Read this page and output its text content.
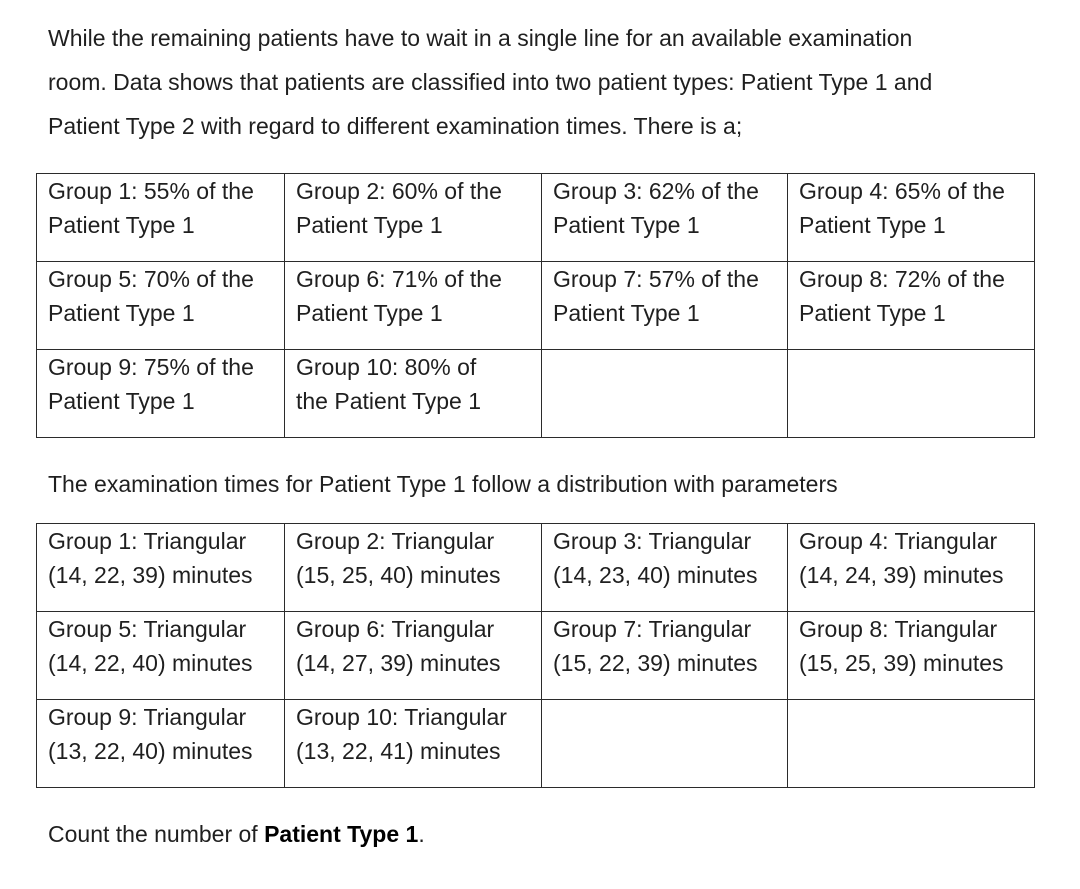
While the remaining patients have to wait in a single line for an available examination
room. Data shows that patients are classified into two patient types: Patient Type 1 and
Patient Type 2 with regard to different examination times. There is a;
Group 1: 55% of the
Patient Type 1	Group 2: 60% of the
Patient Type 1	Group 3: 62% of the
Patient Type 1	Group 4: 65% of the
Patient Type 1

Group 5: 70% of the
Patient Type 1	Group 6: 71% of the
Patient Type 1	Group 7: 57% of the
Patient Type 1	Group 8: 72% of the
Patient Type 1

Group 9: 75% of the
Patient Type 1	Group 10: 80% of
the Patient Type 1		

The examination times for Patient Type 1 follow a distribution with parameters

Group 1: Triangular
(14, 22, 39) minutes	Group 2: Triangular
(15, 25, 40) minutes	Group 3: Triangular
(14, 23, 40) minutes	Group 4: Triangular
(14, 24, 39) minutes

Group 5: Triangular
(14, 22, 40) minutes	Group 6: Triangular
(14, 27, 39) minutes	Group 7: Triangular
(15, 22, 39) minutes	Group 8: Triangular
(15, 25, 39) minutes

Group 9: Triangular
(13, 22, 40) minutes	Group 10: Triangular
(13, 22, 41) minutes		

Count the number of Patient Type 1.
